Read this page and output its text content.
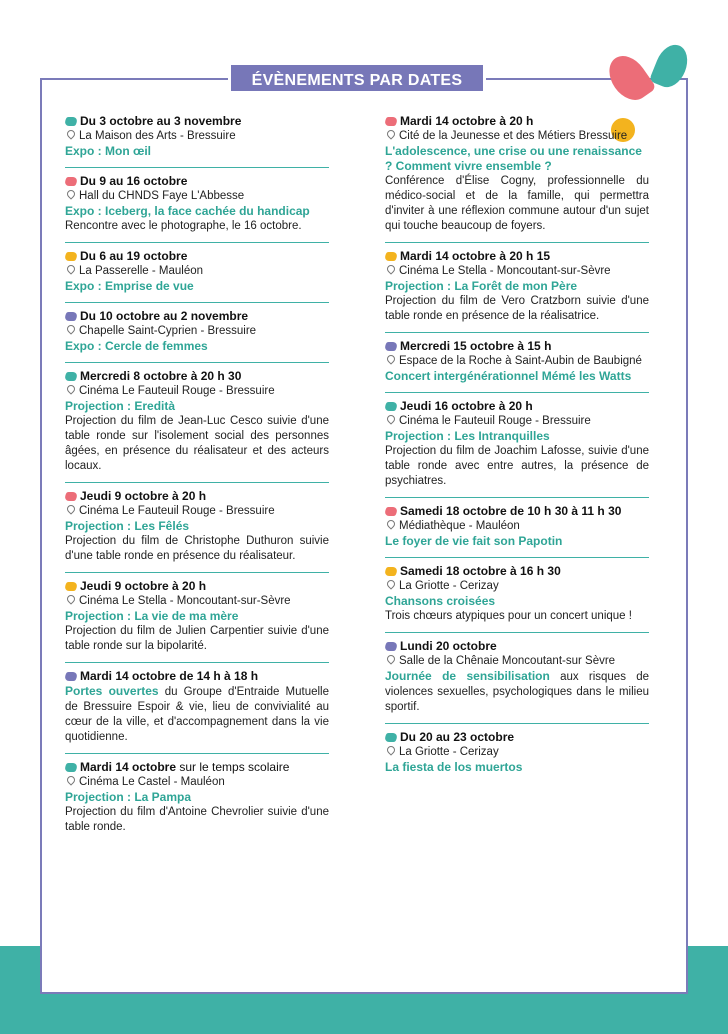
ÉVÈNEMENTS PAR DATES
Du 3 octobre au 3 novembre
La Maison des Arts - Bressuire
Expo : Mon œil
Du 9 au 16 octobre
Hall du CHNDS Faye L'Abbesse
Expo : Iceberg, la face cachée du handicap
Rencontre avec le photographe, le 16 octobre.
Du 6 au 19 octobre
La Passerelle - Mauléon
Expo : Emprise de vue
Du 10 octobre au 2 novembre
Chapelle Saint-Cyprien - Bressuire
Expo : Cercle de femmes
Mercredi 8 octobre à 20 h 30
Cinéma Le Fauteuil Rouge - Bressuire
Projection : Eredità
Projection du film de Jean-Luc Cesco suivie d'une table ronde sur l'isolement social des personnes âgées, en présence du réalisateur et des acteurs locaux.
Jeudi 9 octobre à 20 h
Cinéma Le Fauteuil Rouge - Bressuire
Projection : Les Fêlés
Projection du film de Christophe Duthuron suivie d'une table ronde en présence du réalisateur.
Jeudi 9 octobre à 20 h
Cinéma Le Stella - Moncoutant-sur-Sèvre
Projection : La vie de ma mère
Projection du film de Julien Carpentier suivie d'une table ronde sur la bipolarité.
Mardi 14 octobre de 14 h à 18 h
Portes ouvertes du Groupe d'Entraide Mutuelle de Bressuire Espoir & vie, lieu de convivialité au cœur de la ville, et d'accompagnement dans la vie quotidienne.
Mardi 14 octobre sur le temps scolaire
Cinéma Le Castel - Mauléon
Projection : La Pampa
Projection du film d'Antoine Chevrolier suivie d'une table ronde.
Mardi 14 octobre à 20 h
Cité de la Jeunesse et des Métiers Bressuire
L'adolescence, une crise ou une renaissance ? Comment vivre ensemble ?
Conférence d'Élise Cogny, professionnelle du médico-social et de la famille, qui permettra d'inviter à une réflexion commune autour d'un sujet qui touche beaucoup de foyers.
Mardi 14 octobre à 20 h 15
Cinéma Le Stella - Moncoutant-sur-Sèvre
Projection : La Forêt de mon Père
Projection du film de Vero Cratzborn suivie d'une table ronde en présence de la réalisatrice.
Mercredi 15 octobre à 15 h
Espace de la Roche à Saint-Aubin de Baubigné
Concert intergénérationnel Mémé les Watts
Jeudi 16 octobre à 20 h
Cinéma le Fauteuil Rouge - Bressuire
Projection : Les Intranquilles
Projection du film de Joachim Lafosse, suivie d'une table ronde avec entre autres, la présence de psychiatres.
Samedi 18 octobre de 10 h 30 à 11 h 30
Médiathèque - Mauléon
Le foyer de vie fait son Papotin
Samedi 18 octobre à 16 h 30
La Griotte - Cerizay
Chansons croisées
Trois chœurs atypiques pour un concert unique !
Lundi 20 octobre
Salle de la Chênaie Moncoutant-sur Sèvre
Journée de sensibilisation aux risques de violences sexuelles, psychologiques dans le milieu sportif.
Du 20 au 23 octobre
La Griotte - Cerizay
La fiesta de los muertos
